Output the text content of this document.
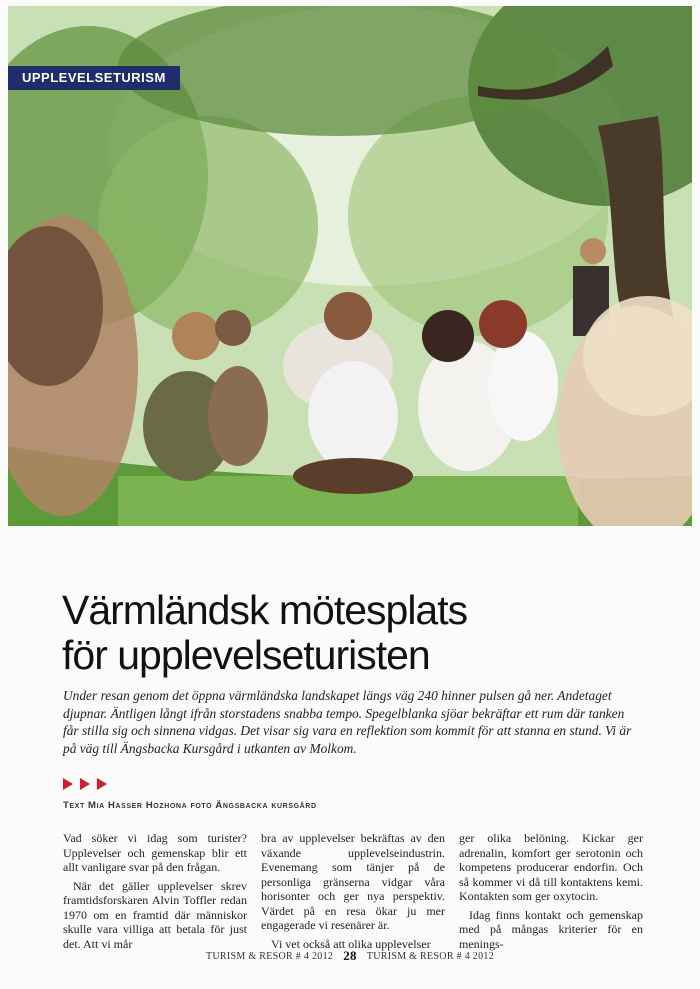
UPPLEVELSETURISM
Värmländsk mötesplats
för upplevelseturisten
Under resan genom det öppna värmländska landskapet längs väg 240 hinner pulsen gå ner. Andetaget djupnar. Äntligen långt ifrån storstadens snabba tempo. Spegelblanka sjöar bekräftar ett rum där tanken får stilla sig och sinnena vidgas. Det visar sig vara en reflektion som kommit för att stanna en stund. Vi är på väg till Ängsbacka Kursgård i utkanten av Molkom.
Text Mia Hasser Hozhona foto Ängsbacka kursgård

Vad söker vi idag som turister? Upplevelser och gemenskap blir ett allt vanligare svar på den frågan.

När det gäller upplevelser skrev framtidsforskaren Alvin Toffler redan 1970 om en framtid där människor skulle vara villiga att betala för just det. Att vi mår

bra av upplevelser bekräftas av den växande upplevelseindustrin. Evenemang som tänjer på de personliga gränserna vidgar våra horisonter och ger nya perspektiv. Värdet på en resa ökar ju mer engagerade vi resenärer är.

Vi vet också att olika upplevelser

ger olika belöning. Kickar ger adrenalin, komfort ger serotonin och kompetens producerar endorfin. Och så kommer vi då till kontaktens kemi. Kontakten som ger oxytocin.

Idag finns kontakt och gemenskap med på mångas kriterier för en menings-

TURISM & RESOR # 4 2012 28 TURISM & RESOR # 4 2012
